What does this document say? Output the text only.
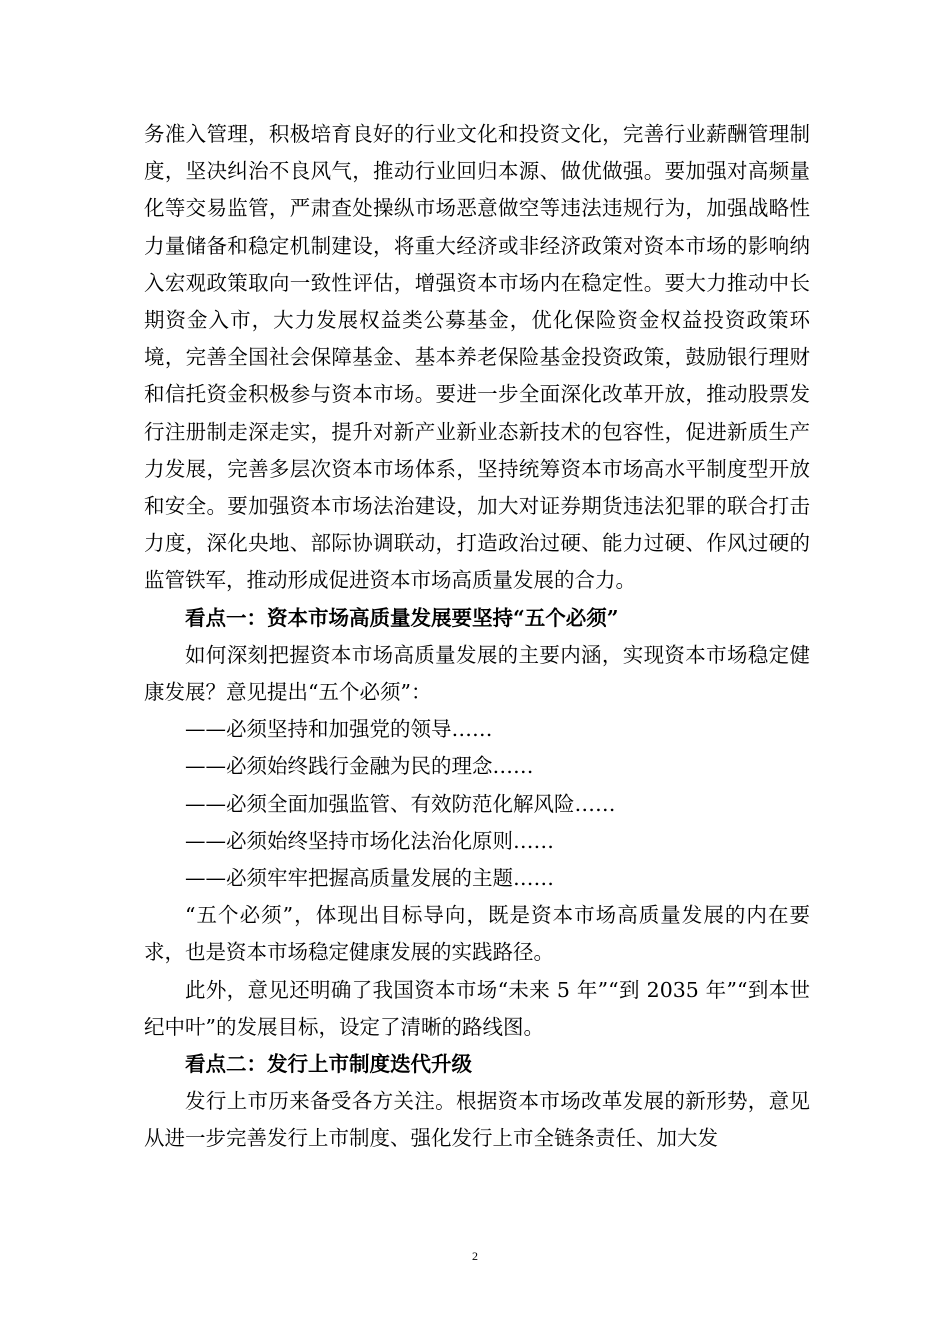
务准入管理，积极培育良好的行业文化和投资文化，完善行业薪酬管理制度，坚决纠治不良风气，推动行业回归本源、做优做强。要加强对高频量化等交易监管，严肃查处操纵市场恶意做空等违法违规行为，加强战略性力量储备和稳定机制建设，将重大经济或非经济政策对资本市场的影响纳入宏观政策取向一致性评估，增强资本市场内在稳定性。要大力推动中长期资金入市，大力发展权益类公募基金，优化保险资金权益投资政策环境，完善全国社会保障基金、基本养老保险基金投资政策，鼓励银行理财和信托资金积极参与资本市场。要进一步全面深化改革开放，推动股票发行注册制走深走实，提升对新产业新业态新技术的包容性，促进新质生产力发展，完善多层次资本市场体系，坚持统筹资本市场高水平制度型开放和安全。要加强资本市场法治建设，加大对证券期货违法犯罪的联合打击力度，深化央地、部际协调联动，打造政治过硬、能力过硬、作风过硬的监管铁军，推动形成促进资本市场高质量发展的合力。

看点一：资本市场高质量发展要坚持“五个必须”

如何深刻把握资本市场高质量发展的主要内涵，实现资本市场稳定健康发展？意见提出“五个必须”：

——必须坚持和加强党的领导……

——必须始终践行金融为民的理念……

——必须全面加强监管、有效防范化解风险……

——必须始终坚持市场化法治化原则……

——必须牢牢把握高质量发展的主题……

“五个必须”，体现出目标导向，既是资本市场高质量发展的内在要求，也是资本市场稳定健康发展的实践路径。

此外，意见还明确了我国资本市场“未来 5 年”“到 2035 年”“到本世纪中叶”的发展目标，设定了清晰的路线图。

看点二：发行上市制度迭代升级

发行上市历来备受各方关注。根据资本市场改革发展的新形势，意见从进一步完善发行上市制度、强化发行上市全链条责任、加大发

2
